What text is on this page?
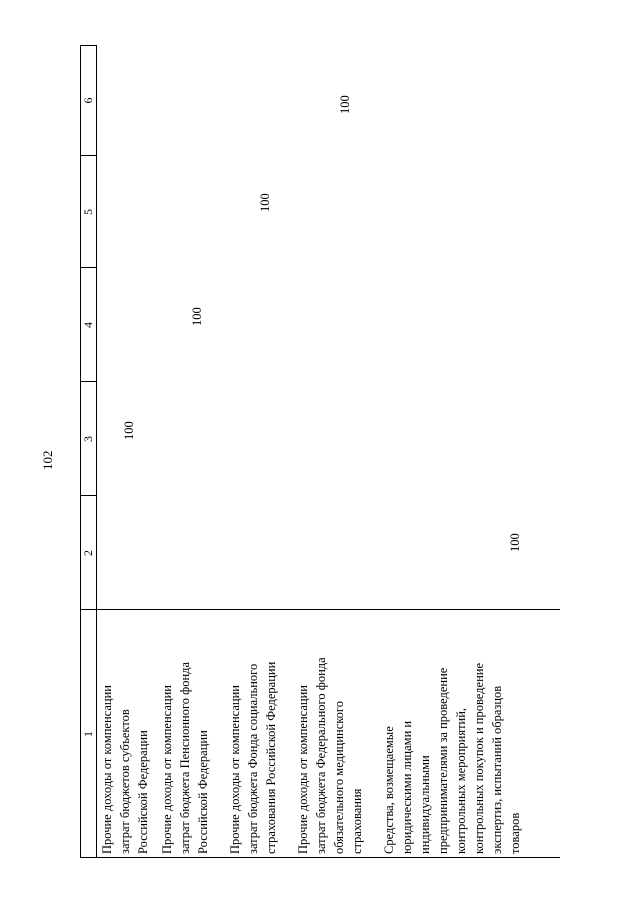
102
1
2
3
4
5
6
Прочие доходы от компенсации затрат бюджетов субъектов Российской Федерации
100
Прочие доходы от компенсации затрат бюджета Пенсионного фонда Российской Федерации
100
Прочие доходы от компенсации затрат бюджета Фонда социального страхования Российской Федерации
100
Прочие доходы от компенсации затрат бюджета Федерального фонда обязательного медицинского страхования
100
Средства, возмещаемые юридическими лицами и индивидуальными предпринимателями за проведение контрольных мероприятий, контрольных покупок и проведение экспертиз, испытаний образцов товаров
100
